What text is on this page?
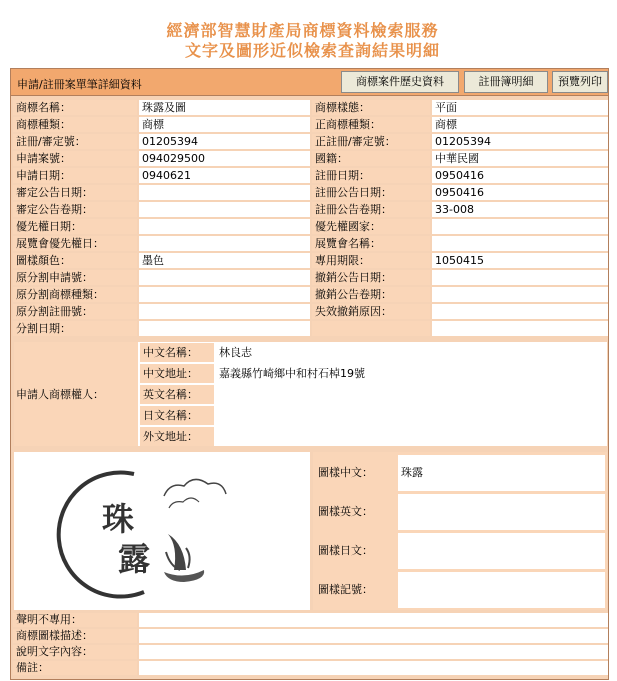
經濟部智慧財產局商標資料檢索服務
文字及圖形近似檢索查詢結果明細
申請/註冊案單筆詳細資料	商標案件歷史資料	註冊簿明細	預覽列印
商標名稱：	珠露及圖	商標樣態：	平面
商標種類：	商標	正商標種類：	商標
註冊/審定號：	01205394	正註冊/審定號：	01205394
申請案號：	094029500	國籍：	中華民國
申請日期：	0940621	註冊日期：	0950416
審定公告日期：	註冊公告日期：	0950416
審定公告卷期：	註冊公告卷期：	33-008
優先權日期：	優先權國家：
展覽會優先權日：	展覽會名稱：
圖樣顏色：	墨色	專用期限：	1050415
原分割申請號：	撤銷公告日期：
原分割商標種類：	撤銷公告卷期：
原分割註冊號：	失效撤銷原因：
分割日期：
申請人商標權人：
中文名稱：	林良志
中文地址：	嘉義縣竹崎鄉中和村石棹19號
英文名稱：
日文名稱：
外文地址：
珠
露
圖樣中文：	珠露
圖樣英文：
圖樣日文：
圖樣記號：
聲明不專用：
商標圖樣描述：
說明文字內容：
備註：
